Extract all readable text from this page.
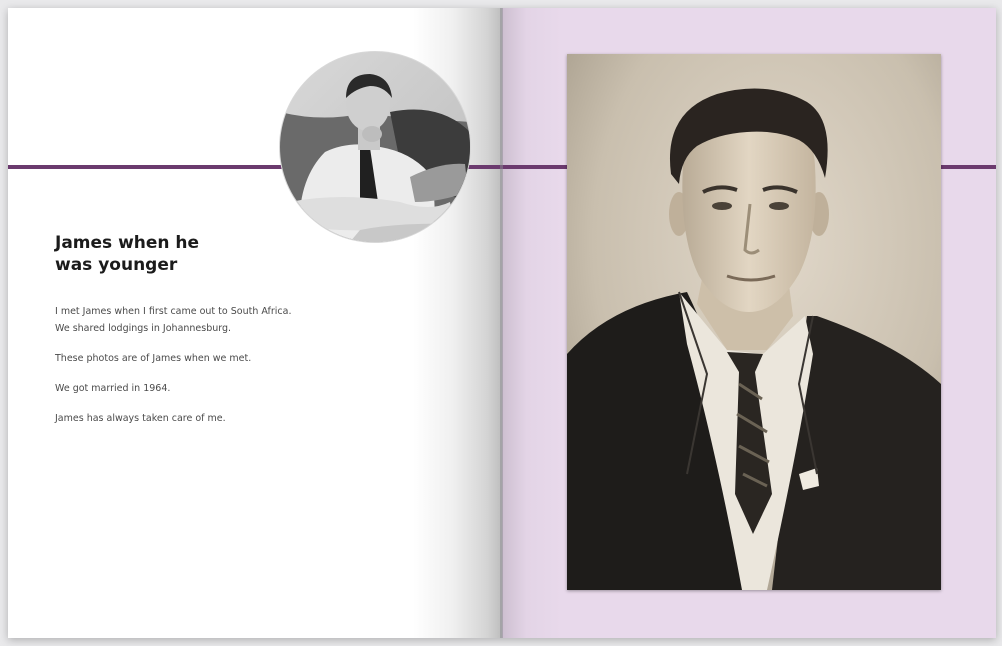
James when he
was younger

I met James when I first came out to South Africa.
We shared lodgings in Johannesburg.

These photos are of James when we met.

We got married in 1964.

James has always taken care of me.
